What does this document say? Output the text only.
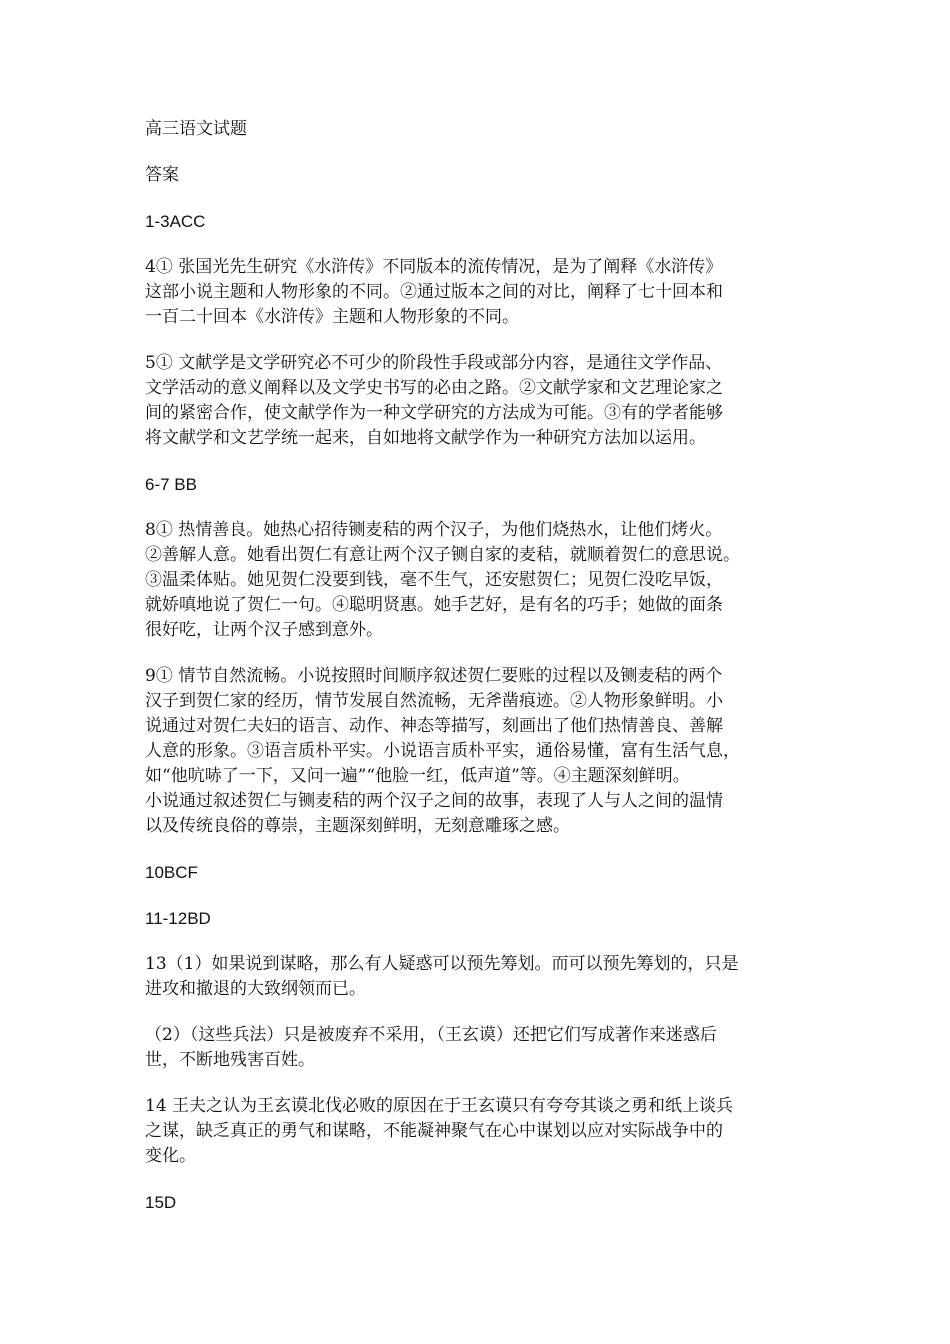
高三语文试题

答案

1-3ACC

4① 张国光先生研究《水浒传》不同版本的流传情况，是为了阐释《水浒传》

这部小说主题和人物形象的不同。②通过版本之间的对比，阐释了七十回本和

一百二十回本《水浒传》主题和人物形象的不同。

5① 文献学是文学研究必不可少的阶段性手段或部分内容，是通往文学作品、

文学活动的意义阐释以及文学史书写的必由之路。②文献学家和文艺理论家之

间的紧密合作，使文献学作为一种文学研究的方法成为可能。③有的学者能够

将文献学和文艺学统一起来，自如地将文献学作为一种研究方法加以运用。

6-7 BB

8① 热情善良。她热心招待铡麦秸的两个汉子，为他们烧热水，让他们烤火。

②善解人意。她看出贺仁有意让两个汉子铡自家的麦秸，就顺着贺仁的意思说。

③温柔体贴。她见贺仁没要到钱，毫不生气，还安慰贺仁；见贺仁没吃早饭，

就娇嗔地说了贺仁一句。④聪明贤惠。她手艺好，是有名的巧手；她做的面条

很好吃，让两个汉子感到意外。

9① 情节自然流畅。小说按照时间顺序叙述贺仁要账的过程以及铡麦秸的两个

汉子到贺仁家的经历，情节发展自然流畅，无斧凿痕迹。②人物形象鲜明。小

说通过对贺仁夫妇的语言、动作、神态等描写，刻画出了他们热情善良、善解

人意的形象。③语言质朴平实。小说语言质朴平实，通俗易懂，富有生活气息，

如“他吭哧了一下，又问一遍”“他脸一红，低声道”等。④主题深刻鲜明。

小说通过叙述贺仁与铡麦秸的两个汉子之间的故事，表现了人与人之间的温情

以及传统良俗的尊崇，主题深刻鲜明，无刻意雕琢之感。

10BCF

11-12BD

13（1）如果说到谋略，那么有人疑惑可以预先筹划。而可以预先筹划的，只是

进攻和撤退的大致纲领而已。

（2）（这些兵法）只是被废弃不采用，（王玄谟）还把它们写成著作来迷惑后

世，不断地残害百姓。

14 王夫之认为王玄谟北伐必败的原因在于王玄谟只有夸夸其谈之勇和纸上谈兵

之谋，缺乏真正的勇气和谋略，不能凝神聚气在心中谋划以应对实际战争中的

变化。

15D
